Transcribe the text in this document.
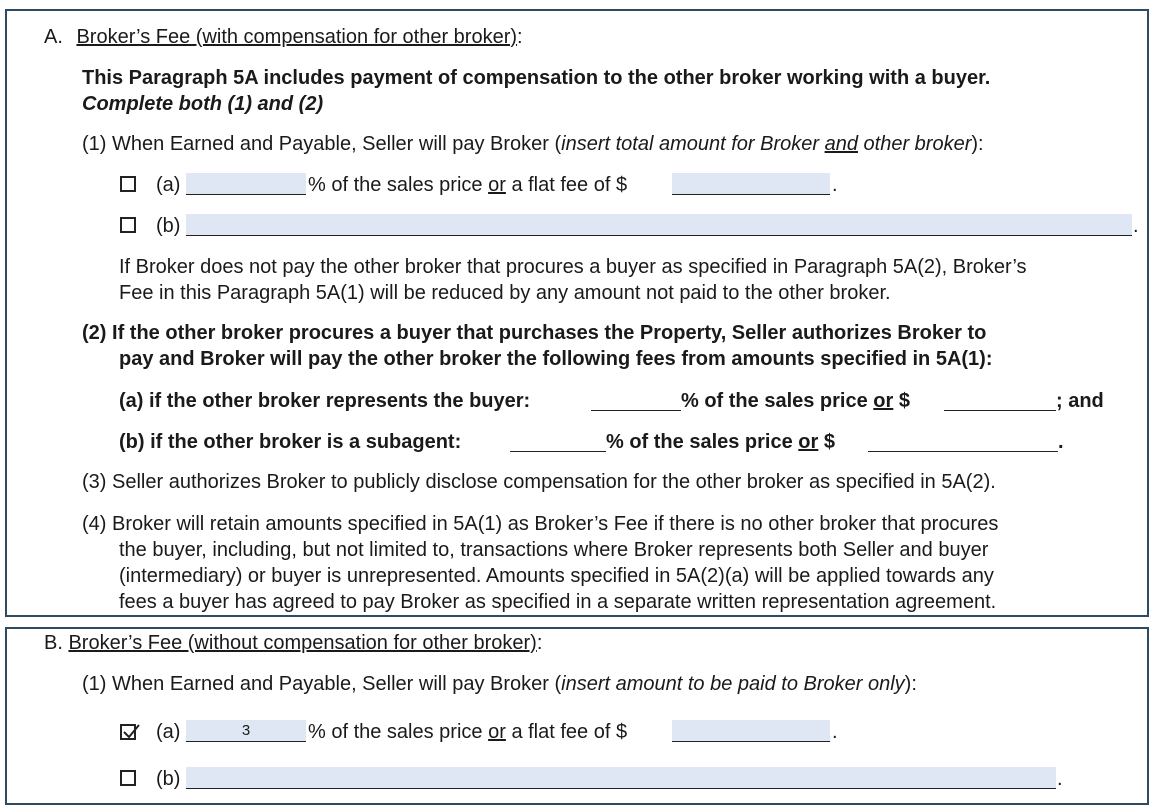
A. Broker’s Fee (with compensation for other broker):
This Paragraph 5A includes payment of compensation to the other broker working with a buyer.
Complete both (1) and (2)
(1) When Earned and Payable, Seller will pay Broker (insert total amount for Broker and other broker):
(a)	% of the sales price or a flat fee of $	.
(b)	.
If Broker does not pay the other broker that procures a buyer as specified in Paragraph 5A(2), Broker’s
Fee in this Paragraph 5A(1) will be reduced by any amount not paid to the other broker.
(2) If the other broker procures a buyer that purchases the Property, Seller authorizes Broker to
pay and Broker will pay the other broker the following fees from amounts specified in 5A(1):
(a) if the other broker represents the buyer:	% of the sales price or $	; and
(b) if the other broker is a subagent:	% of the sales price or $	.
(3) Seller authorizes Broker to publicly disclose compensation for the other broker as specified in 5A(2).
(4) Broker will retain amounts specified in 5A(1) as Broker’s Fee if there is no other broker that procures
the buyer, including, but not limited to, transactions where Broker represents both Seller and buyer
(intermediary) or buyer is unrepresented. Amounts specified in 5A(2)(a) will be applied towards any
fees a buyer has agreed to pay Broker as specified in a separate written representation agreement.
B. Broker’s Fee (without compensation for other broker):
(1) When Earned and Payable, Seller will pay Broker (insert amount to be paid to Broker only):
(a)	3	% of the sales price or a flat fee of $	.
(b)	.
